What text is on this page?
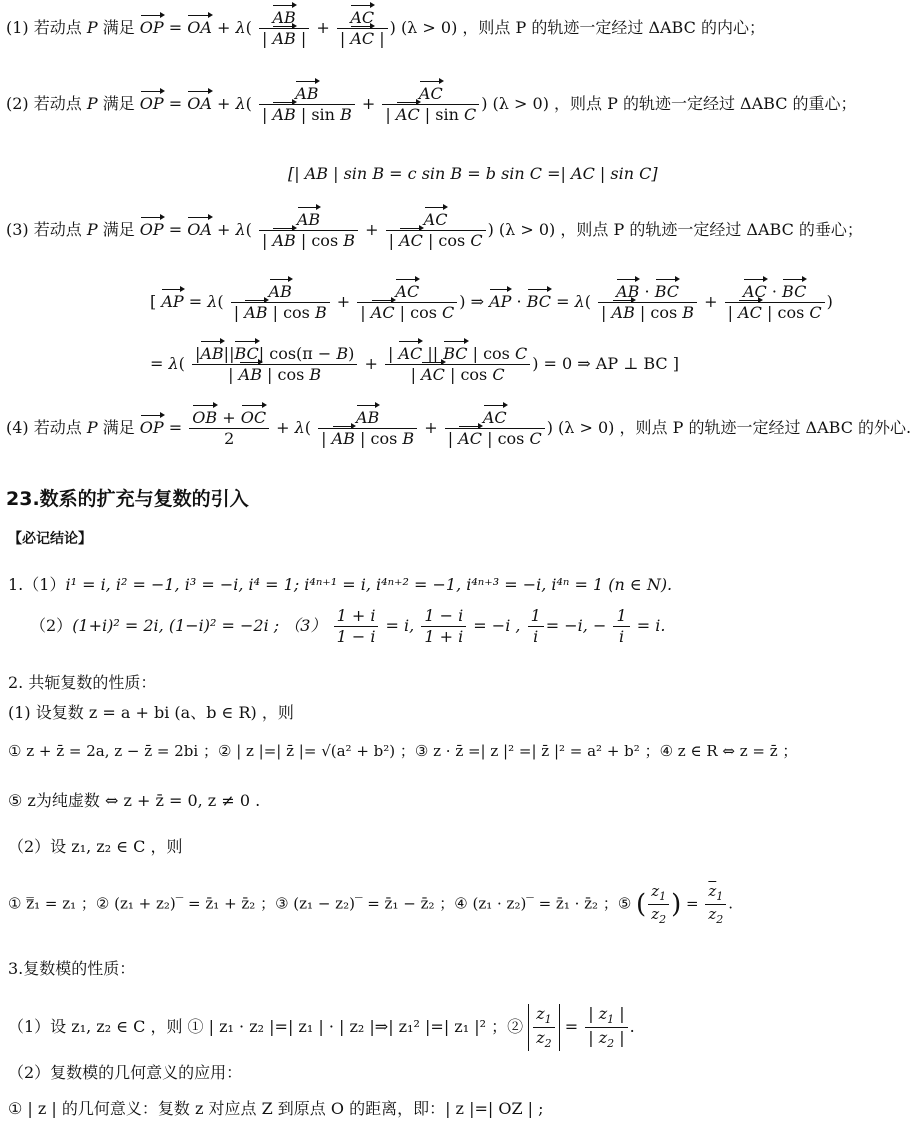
(1) 若动点 P 满足 OP = OA + $\lambda( \frac{AB}{| AB |} + \frac{AC}{| AC |}$ ) (λ > 0) ，则点 P 的轨迹一定经过 ΔABC 的内心；
(2) 若动点 P 满足 OP = OA + $\lambda( \frac{AB}{\text{| AB | sin B}} + \frac{AC}{\text{| AC | sin C}}$ ) (λ > 0) ，则点 P 的轨迹一定经过 ΔABC 的重心；
[| AB | sin B = c sin B = b sin C =| AC | sin C]
(3) 若动点 P 满足 OP = OA + $\lambda( \frac{AB}{\text{| AB | cos B}} + \frac{AC}{\text{| AC | cos C}}$ ) (λ > 0) ，则点 P 的轨迹一定经过 ΔABC 的垂心；
[ AP = $\lambda( \frac{AB}{\text{| AB | cos B}} + \frac{AC}{\text{| AC | cos C}}$ ) ⇒ AP · BC = $\lambda( \frac{AB \cdot BC}{\text{| AB | cos B}} + \frac{AC \cdot BC}{\text{| AC | cos C}}$ )
= $\lambda( \frac{|AB||BC| \cos(\pi - B)}{\text{| AB | cos B}} + \frac{\text{| AC || BC | cos C}}{\text{| AC | cos C}}$ ) = 0 ⇒ AP ⊥ BC ]
(4) 若动点 P 满足 OP = $\frac{OB + OC}{2} + \lambda( \frac{AB}{\text{| AB | cos B}} + \frac{AC}{\text{| AC | cos C}}$ ) (λ > 0) ，则点 P 的轨迹一定经过 ΔABC 的外心.
23.数系的扩充与复数的引入
【必记结论】
1.（1）i¹ = i, i² = −1, i³ = −i, i⁴ = 1; i⁴ⁿ⁺¹ = i, i⁴ⁿ⁺² = −1, i⁴ⁿ⁺³ = −i, i⁴ⁿ = 1 (n ∈ N).
（2）(1+i)² = 2i, (1−i)² = −2i ; $(3) \frac{1 + i}{1 - i} = i$, $\frac{1 - i}{1 + i} = -i$ , $\frac{1}{i} = -i$, − $\frac{1}{i} = i$.
2. 共轭复数的性质：
(1) 设复数 z = a + bi (a、b ∈ R) ，则
① z + z̄ = 2a, z − z̄ = 2bi ；② | z |=| z̄ |= √(a² + b²) ；③ z · z̄ =| z |² =| z̄ |² = a² + b² ；④ z ∈ R ⇔ z = z̄ ；
⑤ z为纯虚数 ⇔ z + z̄ = 0, z ≠ 0 .
（2）设 z₁, z₂ ∈ C ，则
① z̿₁ = z₁ ；② (z₁ + z₂)‾ = z̄₁ + z̄₂ ；③ (z₁ − z₂)‾ = z̄₁ − z̄₂ ；④ (z₁ · z₂)‾ = z̄₁ · z̄₂ ；⑤ ( $\frac{z_1}{z_2}$ ) = $\frac{\overline{z}_1}{\overline{z}_2}$ .
3.复数模的性质：
（1）设 z₁, z₂ ∈ C ，则 ① | z₁ · z₂ |=| z₁ | · | z₂ |⇒| z₁² |=| z₁ |² ；② $\frac{z_1}{z_2} = \frac{| z_1 |}{| z_2 |}$ .
（2）复数模的几何意义的应用：
① | z | 的几何意义：复数 z 对应点 Z 到原点 O 的距离，即：| z |=| OZ | ;
